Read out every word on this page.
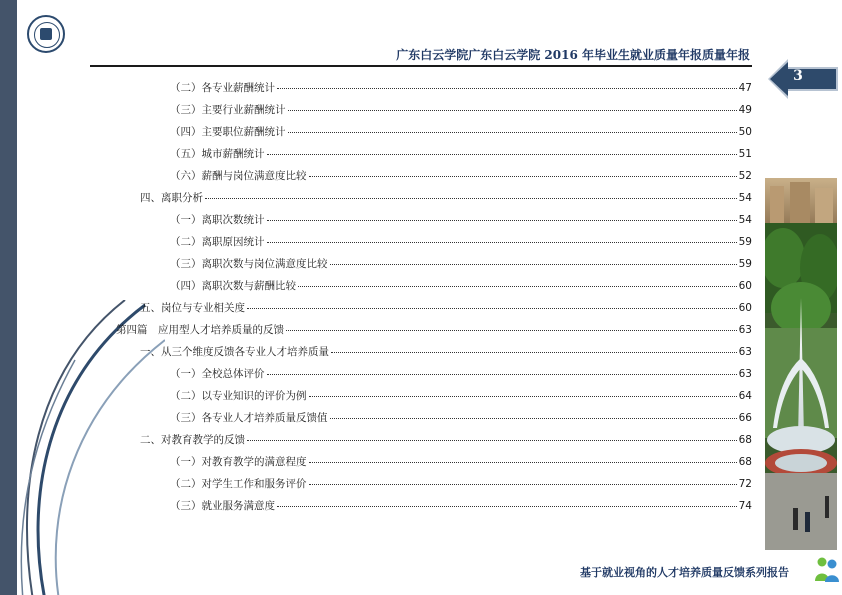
广东白云学院广东白云学院 2016 年毕业生就业质量年报质量年报
3
（二）各专业薪酬统计	47
（三）主要行业薪酬统计	49
（四）主要职位薪酬统计	50
（五）城市薪酬统计	51
（六）薪酬与岗位满意度比较	52
四、离职分析	54
（一）离职次数统计	54
（二）离职原因统计	59
（三）离职次数与岗位满意度比较	59
（四）离职次数与薪酬比较	60
五、岗位与专业相关度	60
第四篇　应用型人才培养质量的反馈	63
一、从三个维度反馈各专业人才培养质量	63
（一）全校总体评价	63
（二）以专业知识的评价为例	64
（三）各专业人才培养质量反馈值	66
二、对教育教学的反馈	68
（一）对教育教学的满意程度	68
（二）对学生工作和服务评价	72
（三）就业服务满意度	74
基于就业视角的人才培养质量反馈系列报告
